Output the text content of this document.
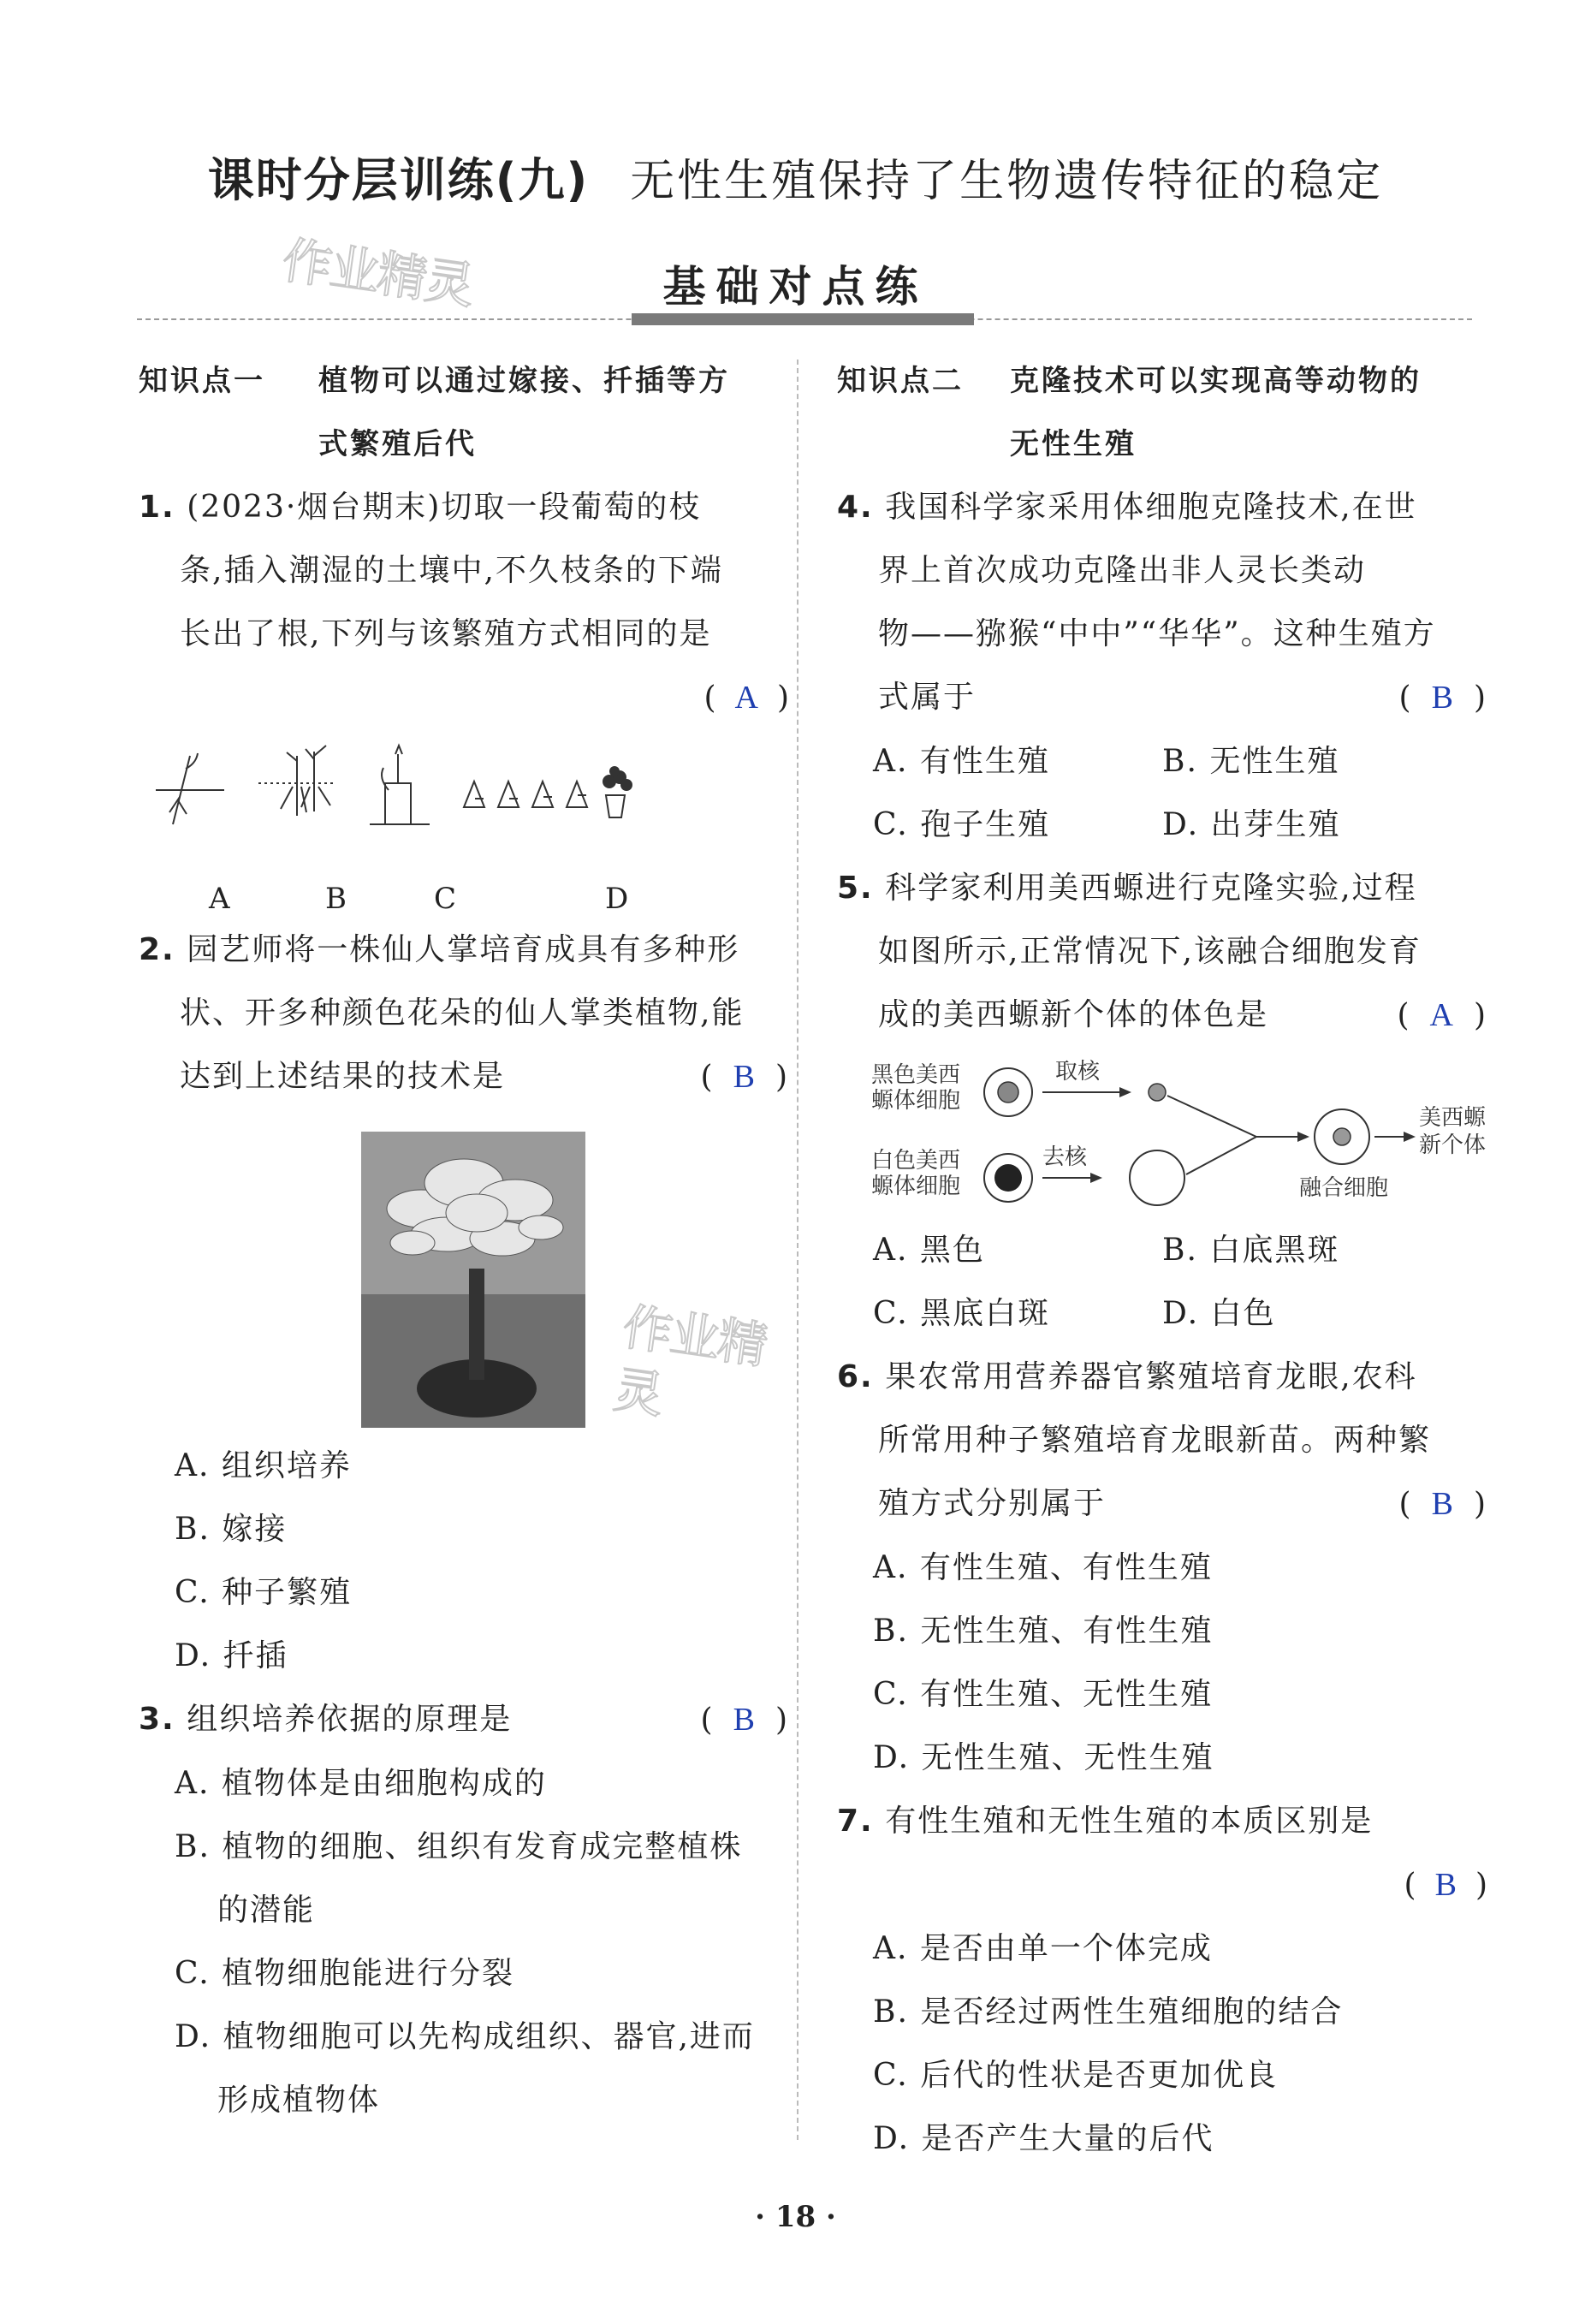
课时分层训练(九) 无性生殖保持了生物遗传特征的稳定
作业精灵	基础对点练
知识点一	植物可以通过嫁接、扦插等方
式繁殖后代

1. (2023·烟台期末)切取一段葡萄的枝

条,插入潮湿的土壤中,不久枝条的下端

长出了根,下列与该繁殖方式相同的是

( A )

A	B	C	D

2. 园艺师将一株仙人掌培育成具有多种形

状、开多种颜色花朵的仙人掌类植物,能

达到上述结果的技术是	( B )

作业精灵

A. 组织培养

B. 嫁接

C. 种子繁殖

D. 扦插

3. 组织培养依据的原理是	( B )

A. 植物体是由细胞构成的

B. 植物的细胞、组织有发育成完整植株

的潜能

C. 植物细胞能进行分裂

D. 植物细胞可以先构成组织、器官,进而

形成植物体

知识点二	克隆技术可以实现高等动物的
无性生殖

4. 我国科学家采用体细胞克隆技术,在世

界上首次成功克隆出非人灵长类动

物——猕猴“中中”“华华”。这种生殖方

式属于	( B )

A. 有性生殖	B. 无性生殖

C. 孢子生殖	D. 出芽生殖

5. 科学家利用美西螈进行克隆实验,过程

如图所示,正常情况下,该融合细胞发育

成的美西螈新个体的体色是	( A )

黑色美西
螈体细胞
白色美西
螈体细胞
取核
去核
融合细胞
美西螈
新个体

A. 黑色	B. 白底黑斑

C. 黑底白斑	D. 白色

6. 果农常用营养器官繁殖培育龙眼,农科

所常用种子繁殖培育龙眼新苗。两种繁

殖方式分别属于	( B )

A. 有性生殖、有性生殖

B. 无性生殖、有性生殖

C. 有性生殖、无性生殖

D. 无性生殖、无性生殖

7. 有性生殖和无性生殖的本质区别是

( B )

A. 是否由单一个体完成

B. 是否经过两性生殖细胞的结合

C. 后代的性状是否更加优良

D. 是否产生大量的后代

· 18 ·
